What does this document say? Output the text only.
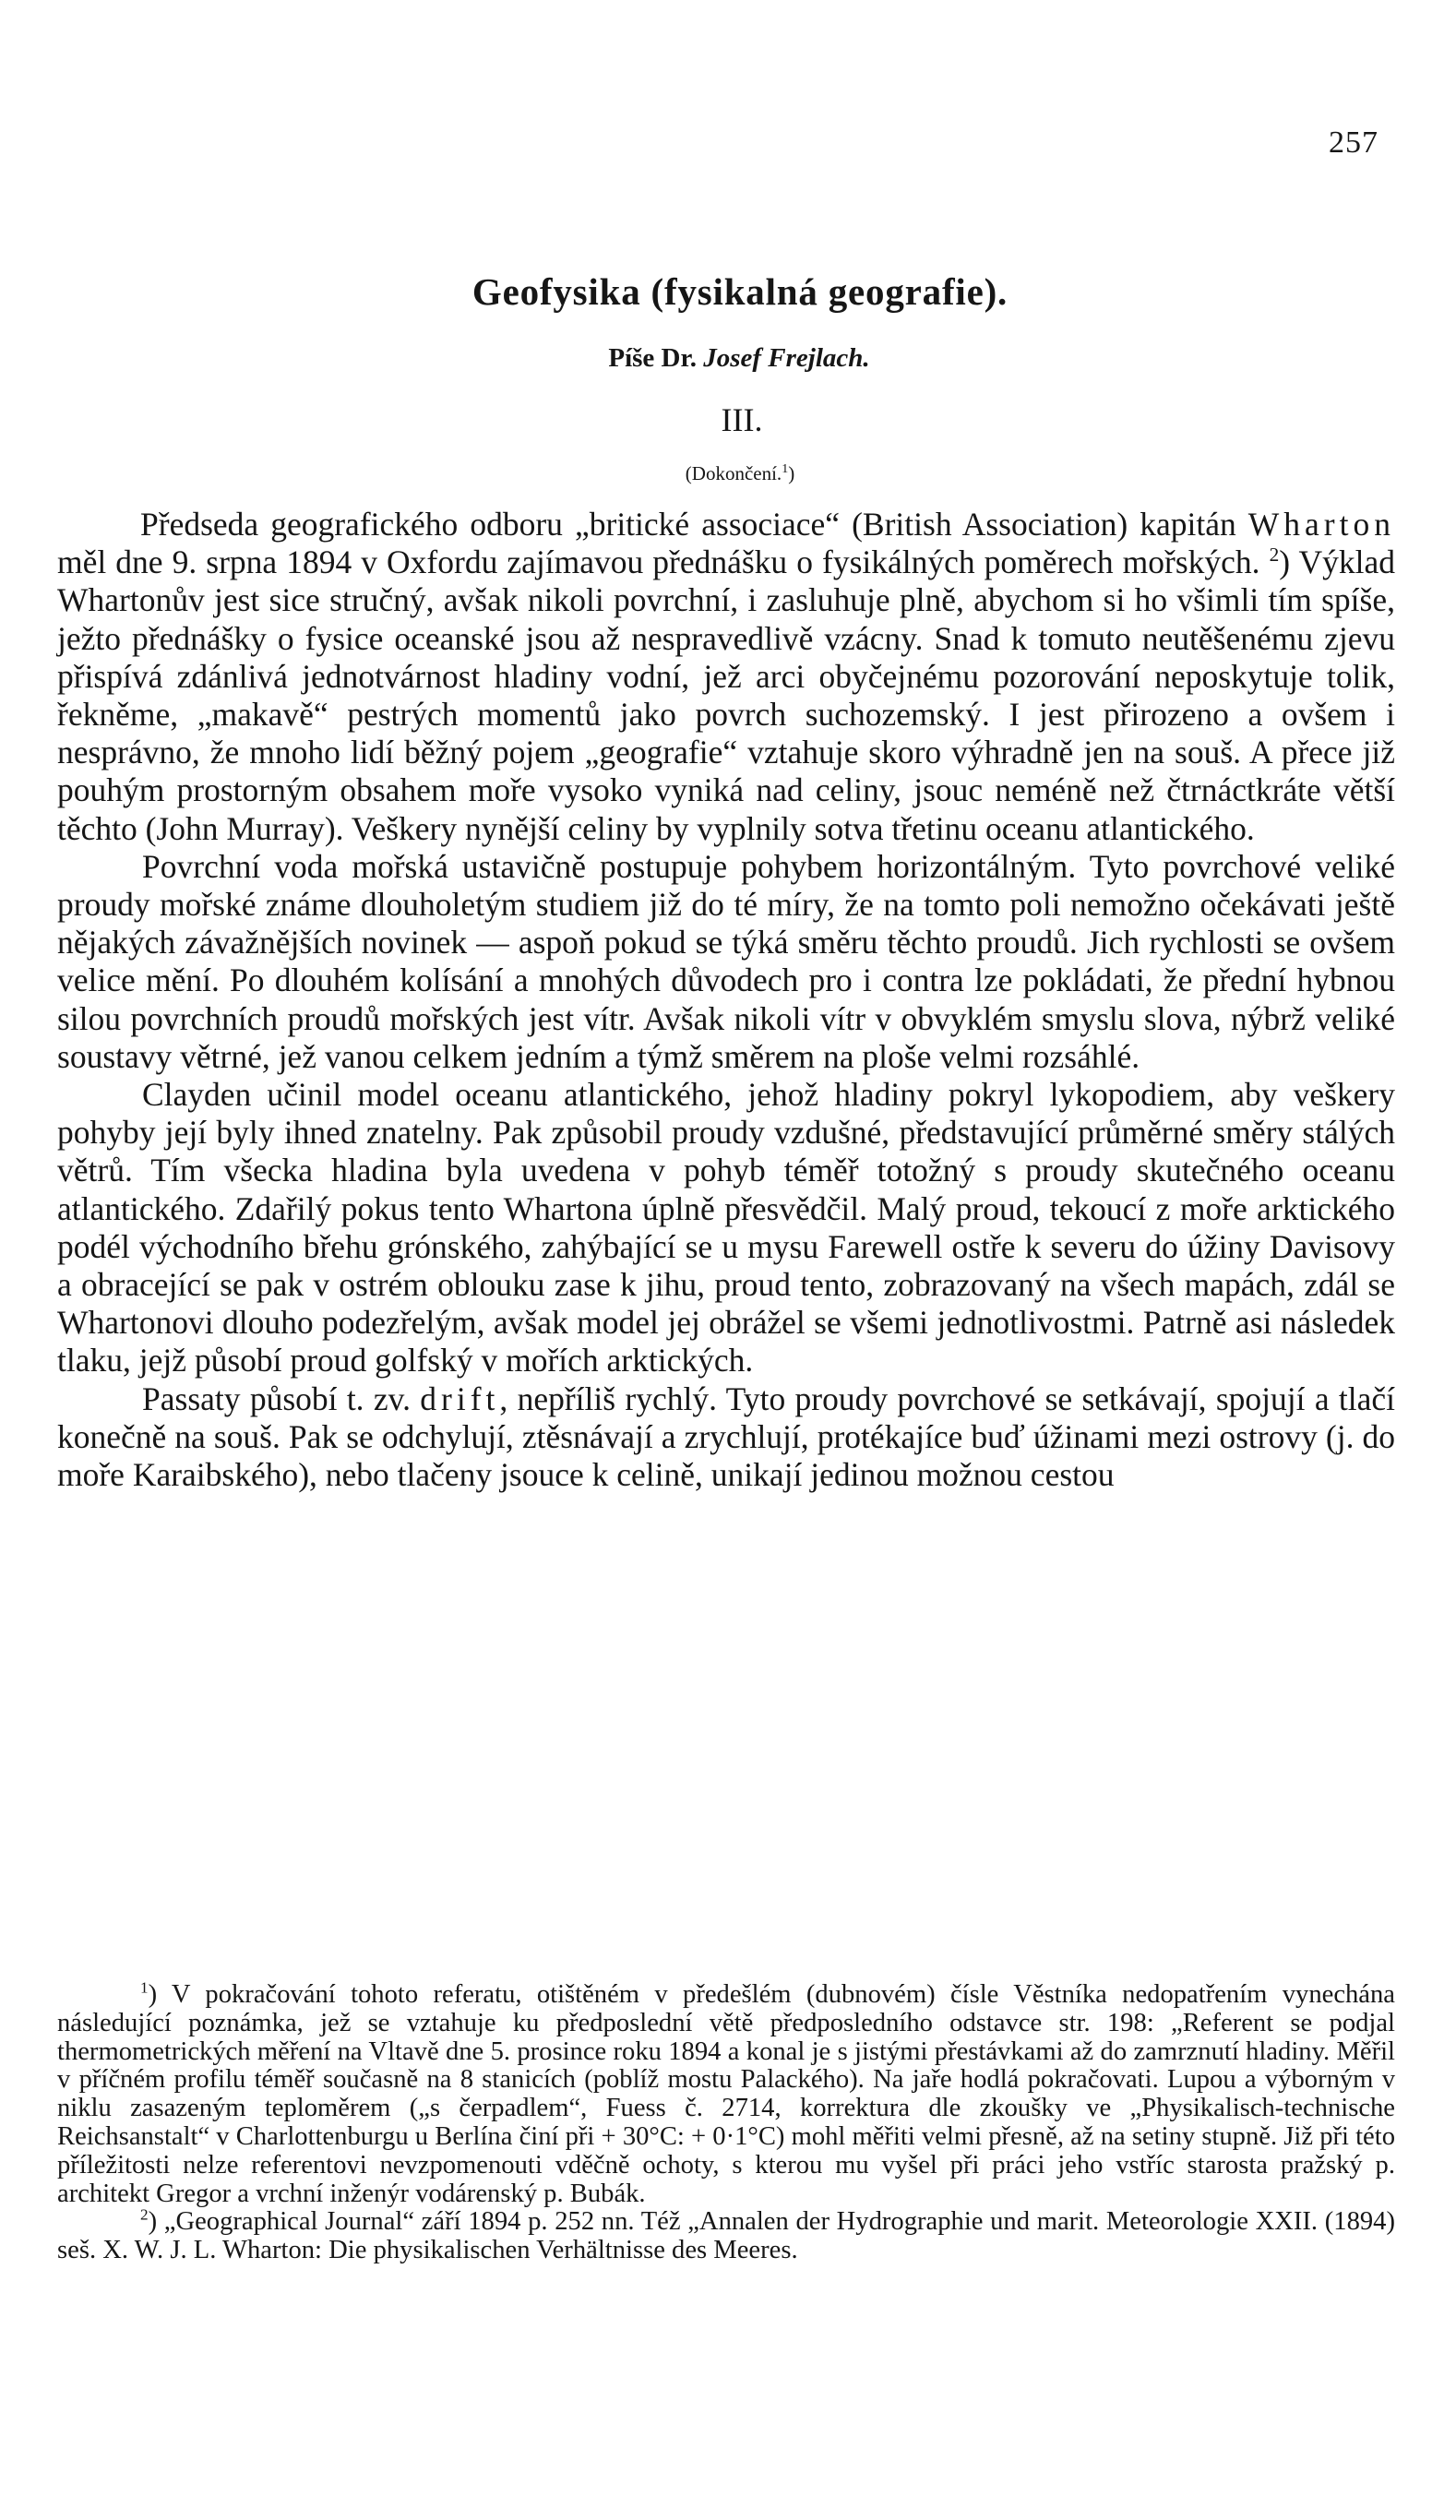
257
Geofysika (fysikalná geografie).
Píše Dr. Josef Frejlach.
III.
(Dokončení.$^1$)

Předseda geografického odboru „britické associace“ (British Association) kapitán Wharton měl dne 9. srpna 1894 v Oxfordu zajímavou přednášku o fysikálných poměrech mořských. $^2$) Výklad Whartonův jest sice stručný, avšak nikoli povrchní, i zasluhuje plně, abychom si ho všimli tím spíše, ježto přednášky o fysice oceanské jsou až nespravedlivě vzácny. Snad k tomuto neutěšenému zjevu přispívá zdánlivá jednotvárnost hladiny vodní, jež arci obyčejnému pozorování neposkytuje tolik, řekněme, „makavě“ pestrých momentů jako povrch suchozemský. I jest přirozeno a ovšem i nesprávno, že mnoho lidí běžný pojem „geografie“ vztahuje skoro výhradně jen na souš. A přece již pouhým prostorným obsahem moře vysoko vyniká nad celiny, jsouc neméně než čtrnáctkráte větší těchto (John Murray). Veškery nynější celiny by vyplnily sotva třetinu oceanu atlantického.

Povrchní voda mořská ustavičně postupuje pohybem horizontálným. Tyto povrchové veliké proudy mořské známe dlouholetým studiem již do té míry, že na tomto poli nemožno očekávati ještě nějakých závažnějších novinek — aspoň pokud se týká směru těchto proudů. Jich rychlosti se ovšem velice mění. Po dlouhém kolísání a mnohých důvodech pro i contra lze pokládati, že přední hybnou silou povrchních proudů mořských jest vítr. Avšak nikoli vítr v obvyklém smyslu slova, nýbrž veliké soustavy větrné, jež vanou celkem jedním a týmž směrem na ploše velmi rozsáhlé.

Clayden učinil model oceanu atlantického, jehož hladiny pokryl lykopodiem, aby veškery pohyby její byly ihned znatelny. Pak způsobil proudy vzdušné, představující průměrné směry stálých větrů. Tím všecka hladina byla uvedena v pohyb téměř totožný s proudy skutečného oceanu atlantického. Zdařilý pokus tento Whartona úplně přesvědčil. Malý proud, tekoucí z moře arktického podél východního břehu grónského, zahýbající se u mysu Farewell ostře k severu do úžiny Davisovy a obracející se pak v ostrém oblouku zase k jihu, proud tento, zobrazovaný na všech mapách, zdál se Whartonovi dlouho podezřelým, avšak model jej obrážel se všemi jednotlivostmi. Patrně asi následek tlaku, jejž působí proud golfský v mořích arktických.

Passaty působí t. zv. drift, nepříliš rychlý. Tyto proudy povrchové se setkávají, spojují a tlačí konečně na souš. Pak se odchylují, ztěsnávají a zrychlují, protékajíce buď úžinami mezi ostrovy (j. do moře Karaibského), nebo tlačeny jsouce k celině, unikají jedinou možnou cestou

$^1$) V pokračování tohoto referatu, otištěném v předešlém (dubnovém) čísle Věstníka nedopatřením vynechána následující poznámka, jež se vztahuje ku předposlední větě předposledního odstavce str. 198: „Referent se podjal thermometrických měření na Vltavě dne 5. prosince roku 1894 a konal je s jistými přestávkami až do zamrznutí hladiny. Měřil v příčném profilu téměř současně na 8 stanicích (poblíž mostu Palackého). Na jaře hodlá pokračovati. Lupou a výborným v niklu zasazeným teploměrem („s čerpadlem“, Fuess č. 2714, korrektura dle zkoušky ve „Physikalisch-technische Reichsanstalt“ v Charlottenburgu u Berlína činí při + 30°C: + 0·1°C) mohl měřiti velmi přesně, až na setiny stupně. Již při této příležitosti nelze referentovi nevzpomenouti vděčně ochoty, s kterou mu vyšel při práci jeho vstříc starosta pražský p. architekt Gregor a vrchní inženýr vodárenský p. Bubák.

$^2$) „Geographical Journal“ září 1894 p. 252 nn. Též „Annalen der Hydrographie und marit. Meteorologie XXII. (1894) seš. X. W. J. L. Wharton: Die physikalischen Verhältnisse des Meeres.
